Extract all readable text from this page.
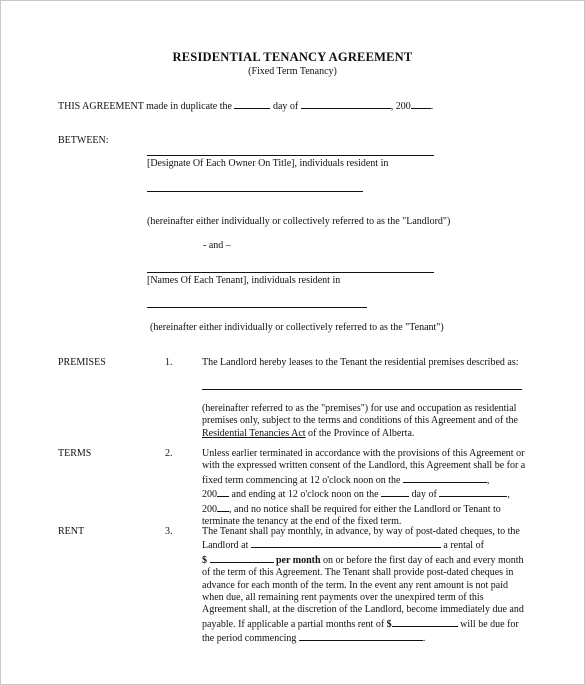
RESIDENTIAL TENANCY AGREEMENT
(Fixed Term Tenancy)
THIS AGREEMENT made in duplicate the	day of	, 200 .
BETWEEN:
[Designate Of Each Owner On Title], individuals resident in
(hereinafter either individually or collectively referred to as the "Landlord")
- and –
[Names Of Each Tenant], individuals resident in
(hereinafter either individually or collectively referred to as the "Tenant")
PREMISES	1.	The Landlord hereby leases to the Tenant the residential premises described as:
(hereinafter referred to as the "premises") for use and occupation as residential
premises only, subject to the terms and conditions of this Agreement and of the
Residential Tenancies Act of the Province of Alberta.
TERMS	2.	Unless earlier terminated in accordance with the provisions of this Agreement or
with the expressed written consent of the Landlord, this Agreement shall be for a
fixed term commencing at 12 o'clock noon on the	,
200 and ending at 12 o'clock noon on the	day of	,
200 , and no notice shall be required for either the Landlord or Tenant to
terminate the tenancy at the end of the fixed term.
RENT	3.	The Tenant shall pay monthly, in advance, by way of post-dated cheques, to the
Landlord at	a rental of
$	per month on or before the first day of each and every month
of the term of this Agreement. The Tenant shall provide post-dated cheques in
advance for each month of the term. In the event any rent amount is not paid
when due, all remaining rent payments over the unexpired term of this
Agreement shall, at the discretion of the Landlord, become immediately due and
payable. If applicable a partial months rent of $	will be due for
the period commencing	.
